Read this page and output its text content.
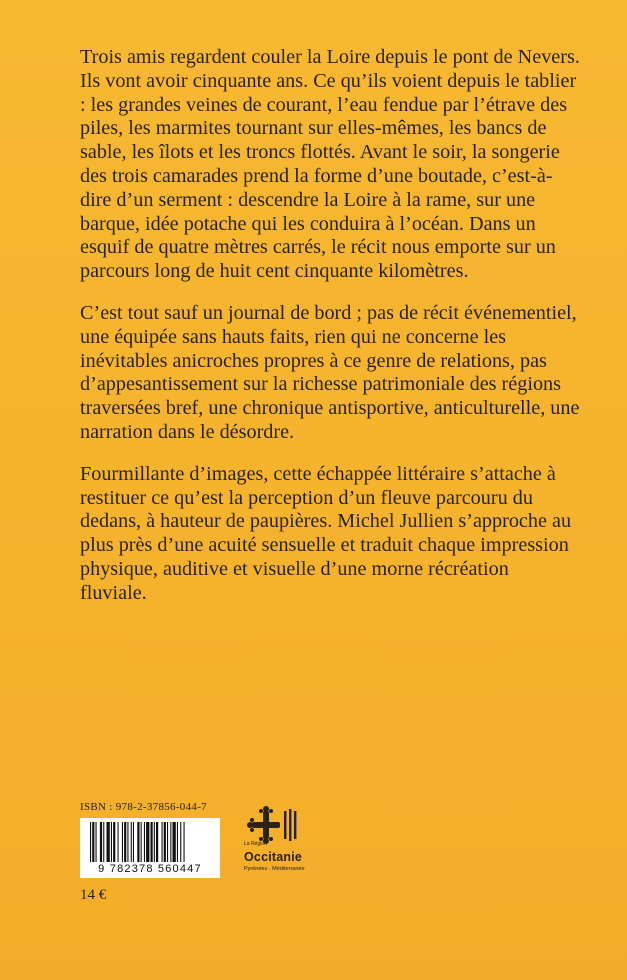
Trois amis regardent couler la Loire depuis le pont de Nevers. Ils vont avoir cinquante ans. Ce qu’ils voient depuis le tablier : les grandes veines de courant, l’eau fendue par l’étrave des piles, les marmites tournant sur elles-mêmes, les bancs de sable, les îlots et les troncs flottés. Avant le soir, la songerie des trois camarades prend la forme d’une boutade, c’est-à-dire d’un serment : descendre la Loire à la rame, sur une barque, idée potache qui les conduira à l’océan. Dans un esquif de quatre mètres carrés, le récit nous emporte sur un parcours long de huit cent cinquante kilomètres.

C’est tout sauf un journal de bord ; pas de récit événementiel, une équipée sans hauts faits, rien qui ne concerne les inévitables anicroches propres à ce genre de relations, pas d’appesantissement sur la richesse patrimoniale des régions traversées bref, une chronique antisportive, anticulturelle, une narration dans le désordre.

Fourmillante d’images, cette échappée littéraire s’attache à restituer ce qu’est la perception d’un fleuve parcouru du dedans, à hauteur de paupières. Michel Jullien s’approche au plus près d’une acuité sensuelle et traduit chaque impression physique, auditive et visuelle d’une morne récréation fluviale.

ISBN : 978-2-37856-044-7
9 782378 560447
La Région
Occitanie
Pyrénées · Méditerranée
14 €
